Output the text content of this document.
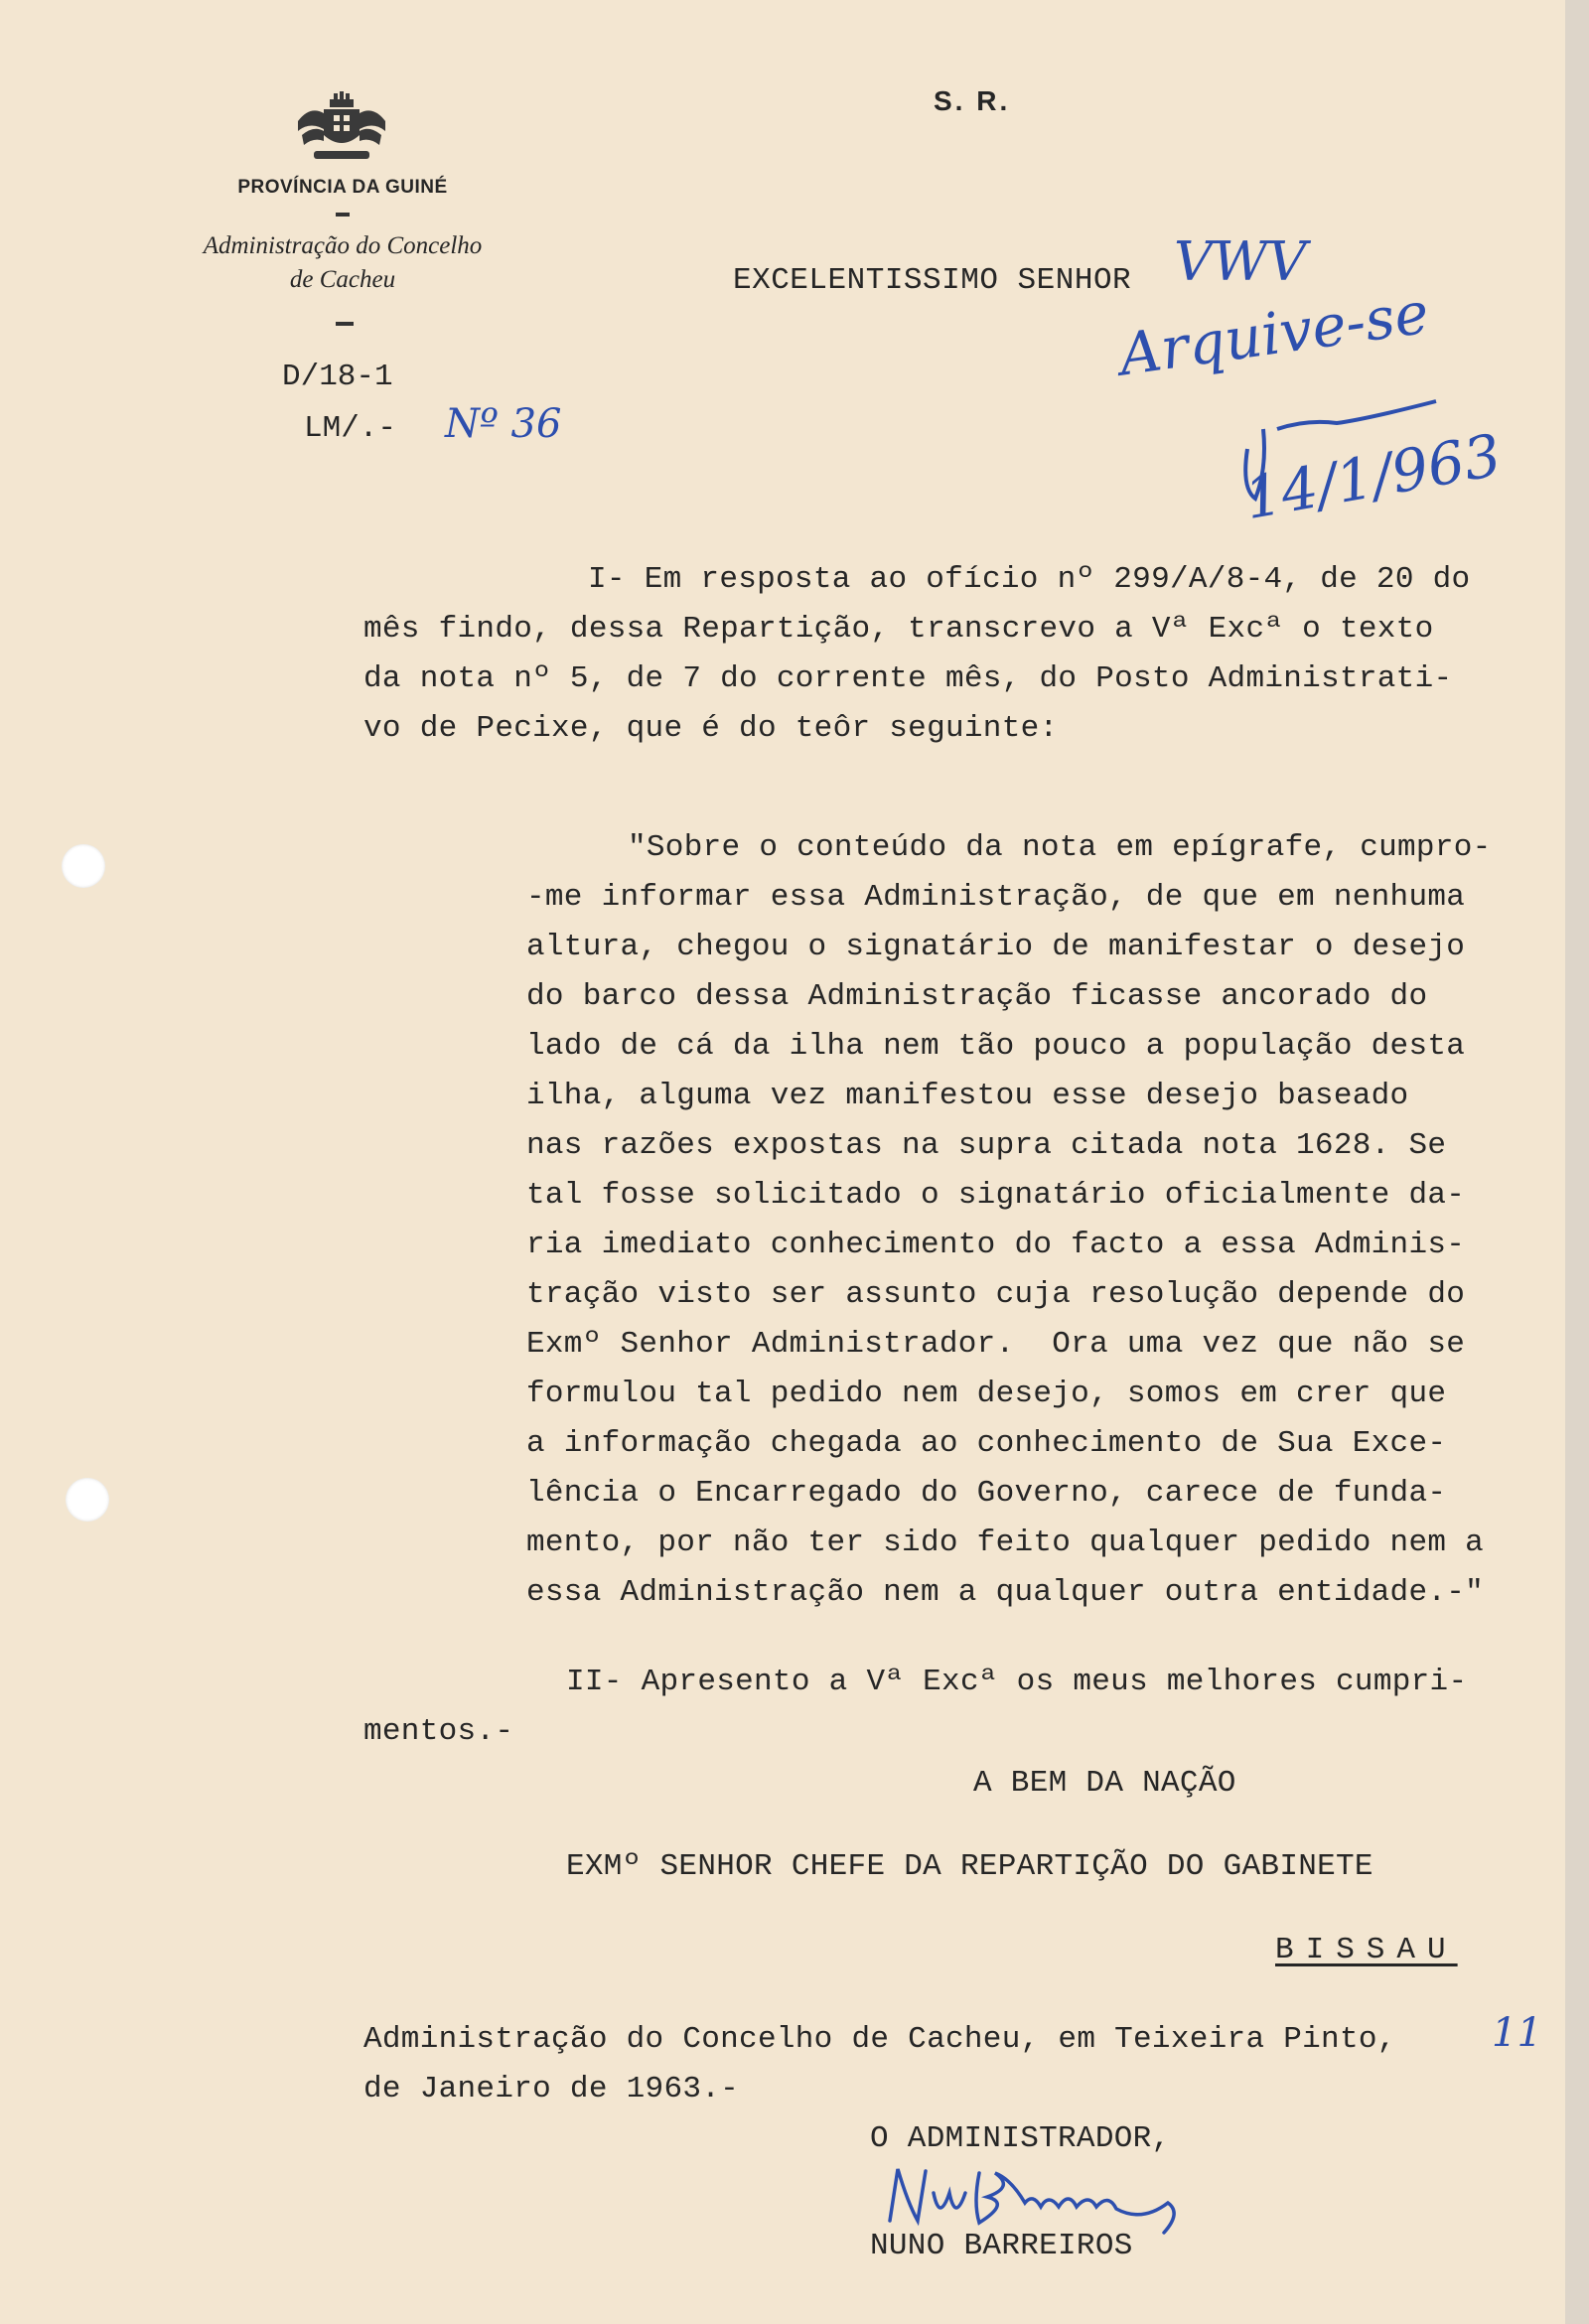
S. R.
PROVÍNCIA DA GUINÉ
Administração do Concelho
de Cacheu
D/18-1
LM/.- Nº 36
EXCELENTISSIMO SENHOR VWV
Arquive-se
14/1/963
I- Em resposta ao ofício nº 299/A/8-4, de 20 do
mês findo, dessa Repartição, transcrevo a Vª Excª o texto
da nota nº 5, de 7 do corrente mês, do Posto Administrati-
vo de Pecixe, que é do teôr seguinte:
"Sobre o conteúdo da nota em epígrafe, cumpro-
-me informar essa Administração, de que em nenhuma
altura, chegou o signatário de manifestar o desejo
do barco dessa Administração ficasse ancorado do
lado de cá da ilha nem tão pouco a população desta
ilha, alguma vez manifestou esse desejo baseado
nas razões expostas na supra citada nota 1628. Se
tal fosse solicitado o signatário oficialmente da-
ria imediato conhecimento do facto a essa Adminis-
tração visto ser assunto cuja resolução depende do
Exmº Senhor Administrador.  Ora uma vez que não se
formulou tal pedido nem desejo, somos em crer que
a informação chegada ao conhecimento de Sua Exce-
lência o Encarregado do Governo, carece de funda-
mento, por não ter sido feito qualquer pedido nem a
essa Administração nem a qualquer outra entidade.-"
II- Apresento a Vª Excª os meus melhores cumpri-
mentos.-
A BEM DA NAÇÃO
EXMº SENHOR CHEFE DA REPARTIÇÃO DO GABINETE
BISSAU
Administração do Concelho de Cacheu, em Teixeira Pinto, 11
de Janeiro de 1963.-
O ADMINISTRADOR,
NUNO BARREIROS
